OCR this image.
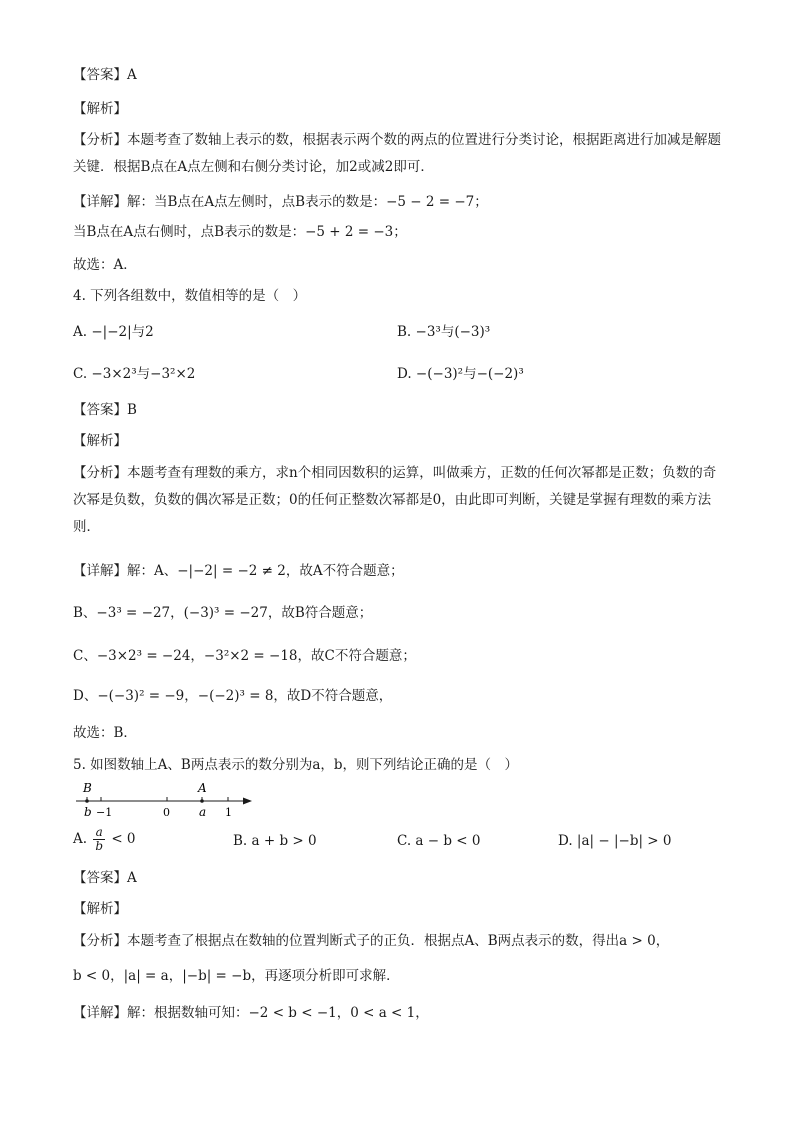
【答案】A
【解析】
【分析】本题考查了数轴上表示的数，根据表示两个数的两点的位置进行分类讨论，根据距离进行加减是解题关键．根据B点在A点左侧和右侧分类讨论，加2或减2即可．
【详解】解：当B点在A点左侧时，点B表示的数是：−5 − 2 = −7；
当B点在A点右侧时，点B表示的数是：−5 + 2 = −3；
故选：A．
4. 下列各组数中，数值相等的是（　）
A. −|−2|与2	B. −3³与(−3)³
C. −3×2³与−3²×2	D. −(−3)²与−(−2)³
【答案】B
【解析】
【分析】本题考查有理数的乘方，求n个相同因数积的运算，叫做乘方，正数的任何次幂都是正数；负数的奇次幂是负数，负数的偶次幂是正数；0的任何正整数次幂都是0，由此即可判断，关键是掌握有理数的乘方法则．
【详解】解：A、−|−2| = −2 ≠ 2，故A不符合题意；
B、−3³ = −27，(−3)³ = −27，故B符合题意；
C、−3×2³ = −24，−3²×2 = −18，故C不符合题意；
D、−(−3)² = −9，−(−2)³ = 8，故D不符合题意，
故选：B．
5. 如图数轴上A、B两点表示的数分别为a，b，则下列结论正确的是（　）
B
b −1	0
A
a 1
A. $\frac{a}{b} < 0$	B. a + b > 0	C. a − b < 0	D. |a| − |−b| > 0
【答案】A
【解析】
【分析】本题考查了根据点在数轴的位置判断式子的正负．根据点A、B两点表示的数，得出a > 0，
b < 0，|a| = a，|−b| = −b，再逐项分析即可求解．
【详解】解：根据数轴可知：−2 < b < −1，0 < a < 1，
